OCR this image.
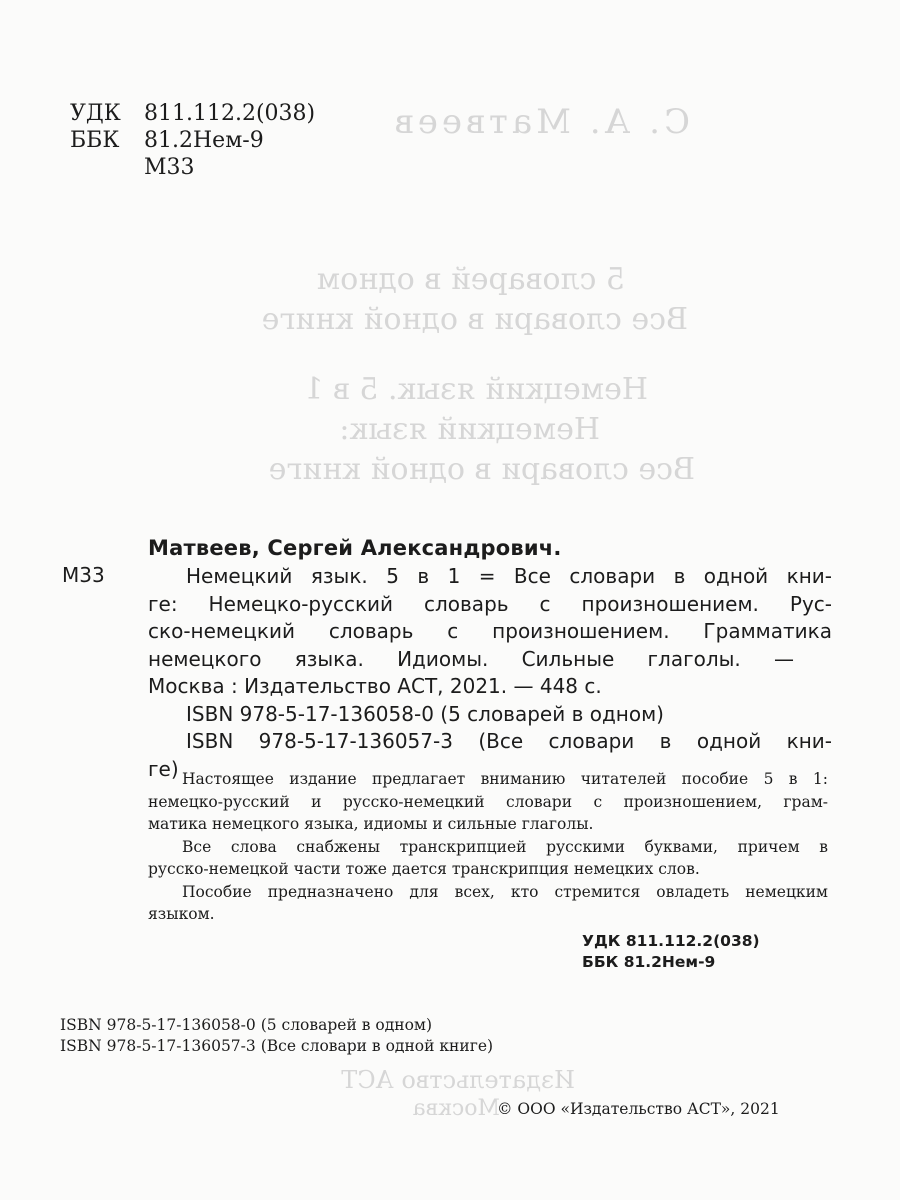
С. А. Матвеев
5 словарей в одном
Все словари в одной книге
Немецкий язык. 5 в 1
Немецкий язык:
Все словари в одной книге
Издательство АСТ
Москва
УДК	811.112.2(038)
ББК	81.2Нем-9
М33
Матвеев, Сергей Александрович.
М33	Немецкий язык. 5 в 1 = Все словари в одной кни-
ге: Немецко-русский словарь с произношением. Рус-
ско-немецкий словарь с произношением. Грамматика
немецкого языка. Идиомы. Сильные глаголы. —
Москва : Издательство АСТ, 2021. — 448 с.
ISBN 978-5-17-136058-0 (5 словарей в одном)
ISBN 978-5-17-136057-3 (Все словари в одной кни-
ге) Настоящее издание предлагает вниманию читателей пособие 5 в 1:
немецко-русский и русско-немецкий словари с произношением, грам-
матика немецкого языка, идиомы и сильные глаголы.
Все слова снабжены транскрипцией русскими буквами, причем в
русско-немецкой части тоже дается транскрипция немецких слов.
Пособие предназначено для всех, кто стремится овладеть немецким
языком.
УДК 811.112.2(038)
ББК 81.2Нем-9
ISBN 978-5-17-136058-0 (5 словарей в одном)
ISBN 978-5-17-136057-3 (Все словари в одной книге)
© ООО «Издательство АСТ», 2021
